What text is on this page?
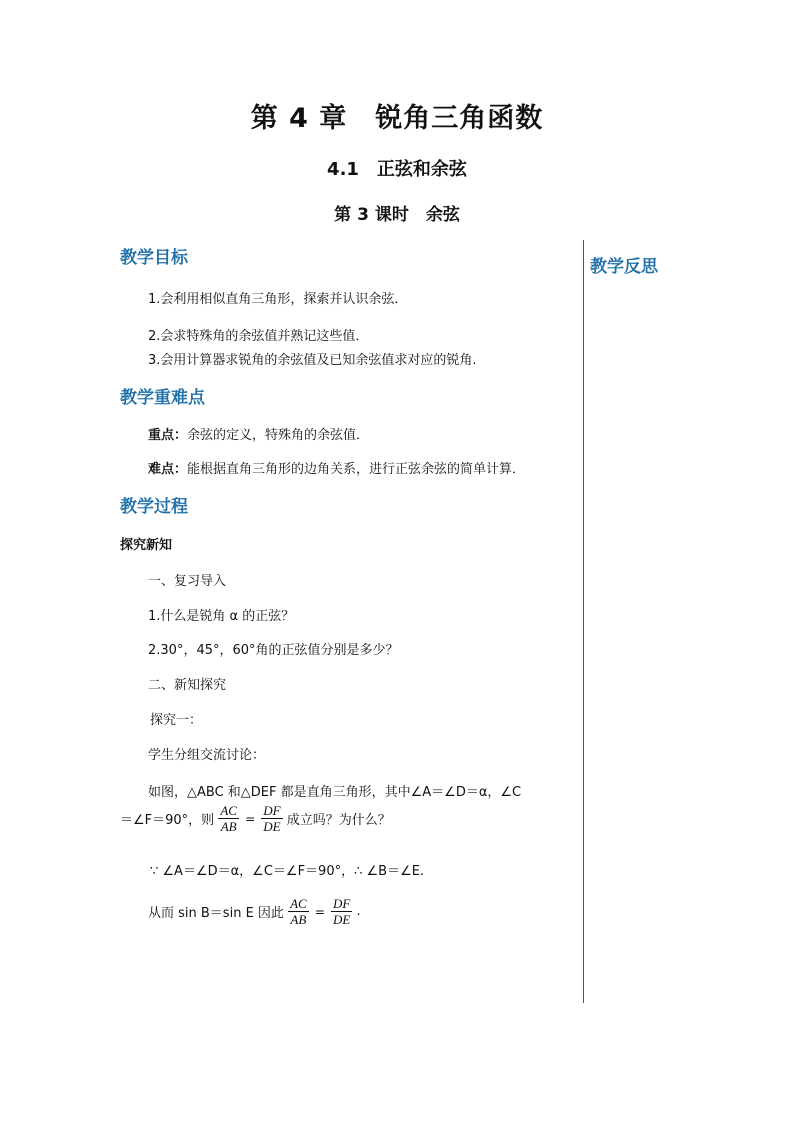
第 4 章　锐角三角函数
4.1　正弦和余弦
第 3 课时　余弦
教学反思
教学目标
1.会利用相似直角三角形，探索并认识余弦．
2.会求特殊角的余弦值并熟记这些值．
3.会用计算器求锐角的余弦值及已知余弦值求对应的锐角.
教学重难点
重点：余弦的定义，特殊角的余弦值．
难点：能根据直角三角形的边角关系，进行正弦余弦的简单计算．
教学过程
探究新知
一、复习导入
1.什么是锐角 α 的正弦？
2.30°，45°，60°角的正弦值分别是多少？
二、新知探究
探究一：
学生分组交流讨论：
如图，△ABC 和△DEF 都是直角三角形，其中∠A＝∠D＝α，∠C
＝∠F＝90°，则 $\frac{AC}{AB} = \frac{DF}{DE}$ 成立吗？为什么？
∵ ∠A＝∠D＝α，∠C＝∠F＝90°，∴ ∠B＝∠E.
从而 sin B＝sin E 因此 $\frac{AC}{AB} = \frac{DF}{DE}$ .
